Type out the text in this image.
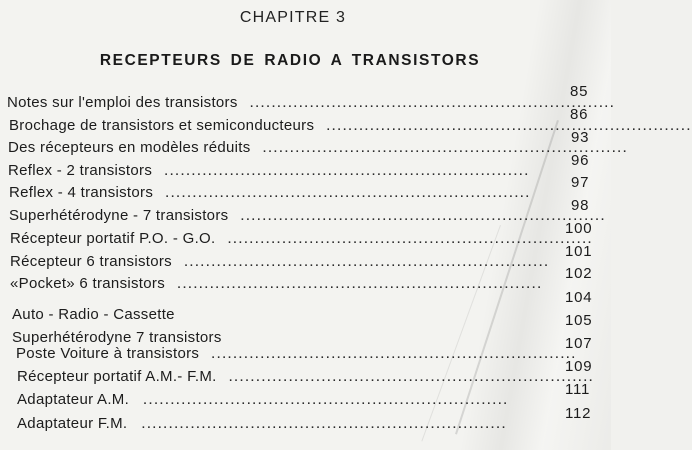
CHAPITRE 3
RECEPTEURS DE RADIO A TRANSISTORS
Notes sur l'emploi des transistors ...................................................................
85
Brochage de transistors et semiconducteurs ...................................................................
86
Des récepteurs en modèles réduits ...................................................................
93
Reflex - 2 transistors ...................................................................
96
Reflex - 4 transistors ...................................................................
97
Superhétérodyne - 7 transistors ...................................................................
98
Récepteur portatif P.O. - G.O. ...................................................................
100
Récepteur 6 transistors ...................................................................
101
«Pocket» 6 transistors ...................................................................
102
Auto - Radio - Cassette
104
Superhétérodyne 7 transistors
105
Poste Voiture à transistors ...................................................................
107
Récepteur portatif A.M.- F.M. ...................................................................
109
Adaptateur A.M. ...................................................................
111
Adaptateur F.M. ...................................................................
112
